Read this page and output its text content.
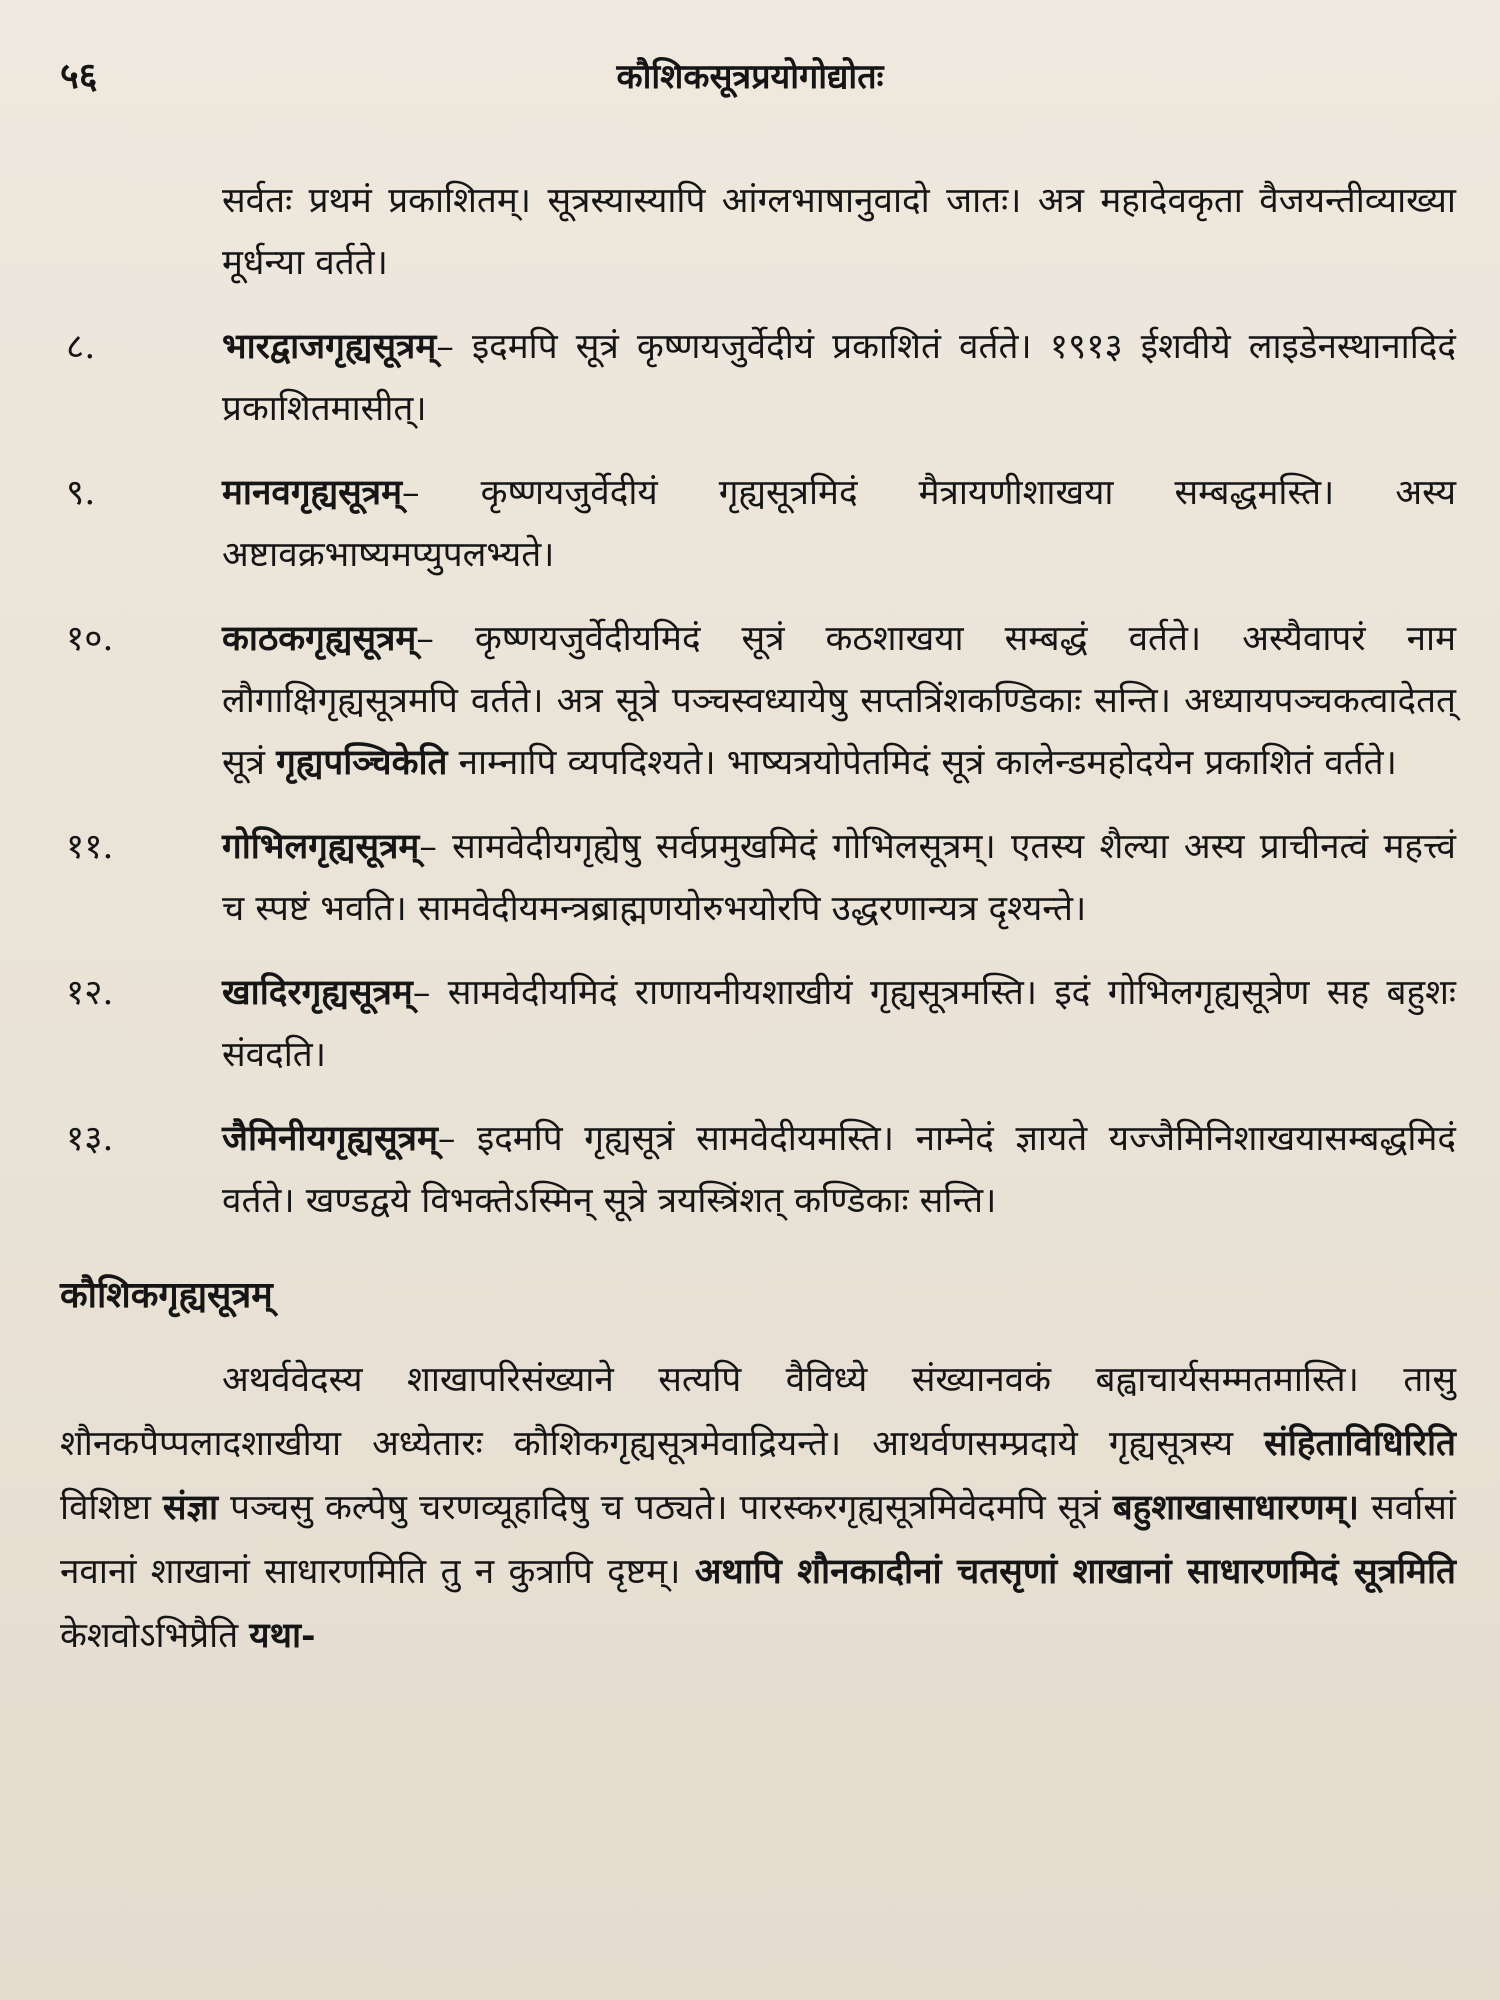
५६	कौशिकसूत्रप्रयोगोद्योतः
सर्वतः प्रथमं प्रकाशितम्। सूत्रस्यास्यापि आंग्लभाषानुवादो जातः। अत्र महादेवकृता वैजयन्तीव्याख्या मूर्धन्या वर्तते।
८.	भारद्वाजगृह्यसूत्रम्– इदमपि सूत्रं कृष्णयजुर्वेदीयं प्रकाशितं वर्तते। १९१३ ईशवीये लाइडेनस्थानादिदं प्रकाशितमासीत्।
९.	मानवगृह्यसूत्रम्– कृष्णयजुर्वेदीयं गृह्यसूत्रमिदं मैत्रायणीशाखया सम्बद्धमस्ति। अस्य अष्टावक्रभाष्यमप्युपलभ्यते।
१०.	काठकगृह्यसूत्रम्– कृष्णयजुर्वेदीयमिदं सूत्रं कठशाखया सम्बद्धं वर्तते। अस्यैवापरं नाम लौगाक्षिगृह्यसूत्रमपि वर्तते। अत्र सूत्रे पञ्चस्वध्यायेषु सप्तत्रिंशकण्डिकाः सन्ति। अध्यायपञ्चकत्वादेतत् सूत्रं गृह्यपञ्चिकेति नाम्नापि व्यपदिश्यते। भाष्यत्रयोपेतमिदं सूत्रं कालेन्डमहोदयेन प्रकाशितं वर्तते।
११.	गोभिलगृह्यसूत्रम्– सामवेदीयगृह्येषु सर्वप्रमुखमिदं गोभिलसूत्रम्। एतस्य शैल्या अस्य प्राचीनत्वं महत्त्वं च स्पष्टं भवति। सामवेदीयमन्त्रब्राह्मणयोरुभयोरपि उद्धरणान्यत्र दृश्यन्ते।
१२.	खादिरगृह्यसूत्रम्– सामवेदीयमिदं राणायनीयशाखीयं गृह्यसूत्रमस्ति। इदं गोभिलगृह्यसूत्रेण सह बहुशः संवदति।
१३.	जैमिनीयगृह्यसूत्रम्– इदमपि गृह्यसूत्रं सामवेदीयमस्ति। नाम्नेदं ज्ञायते यज्जैमिनिशाखयासम्बद्धमिदं वर्तते। खण्डद्वये विभक्तेऽस्मिन् सूत्रे त्रयस्त्रिंशत् कण्डिकाः सन्ति।
कौशिकगृह्यसूत्रम्
अथर्ववेदस्य शाखापरिसंख्याने सत्यपि वैविध्ये संख्यानवकं बह्वाचार्यसम्मतमास्ति। तासु शौनकपैप्पलादशाखीया अध्येतारः कौशिकगृह्यसूत्रमेवाद्रियन्ते। आथर्वणसम्प्रदाये गृह्यसूत्रस्य संहिताविधिरिति विशिष्टा संज्ञा पञ्चसु कल्पेषु चरणव्यूहादिषु च पठ्यते। पारस्करगृह्यसूत्रमिवेदमपि सूत्रं बहुशाखासाधारणम्। सर्वासां नवानां शाखानां साधारणमिति तु न कुत्रापि दृष्टम्। अथापि शौनकादीनां चतसृणां शाखानां साधारणमिदं सूत्रमिति केशवोऽभिप्रैति यथा-
